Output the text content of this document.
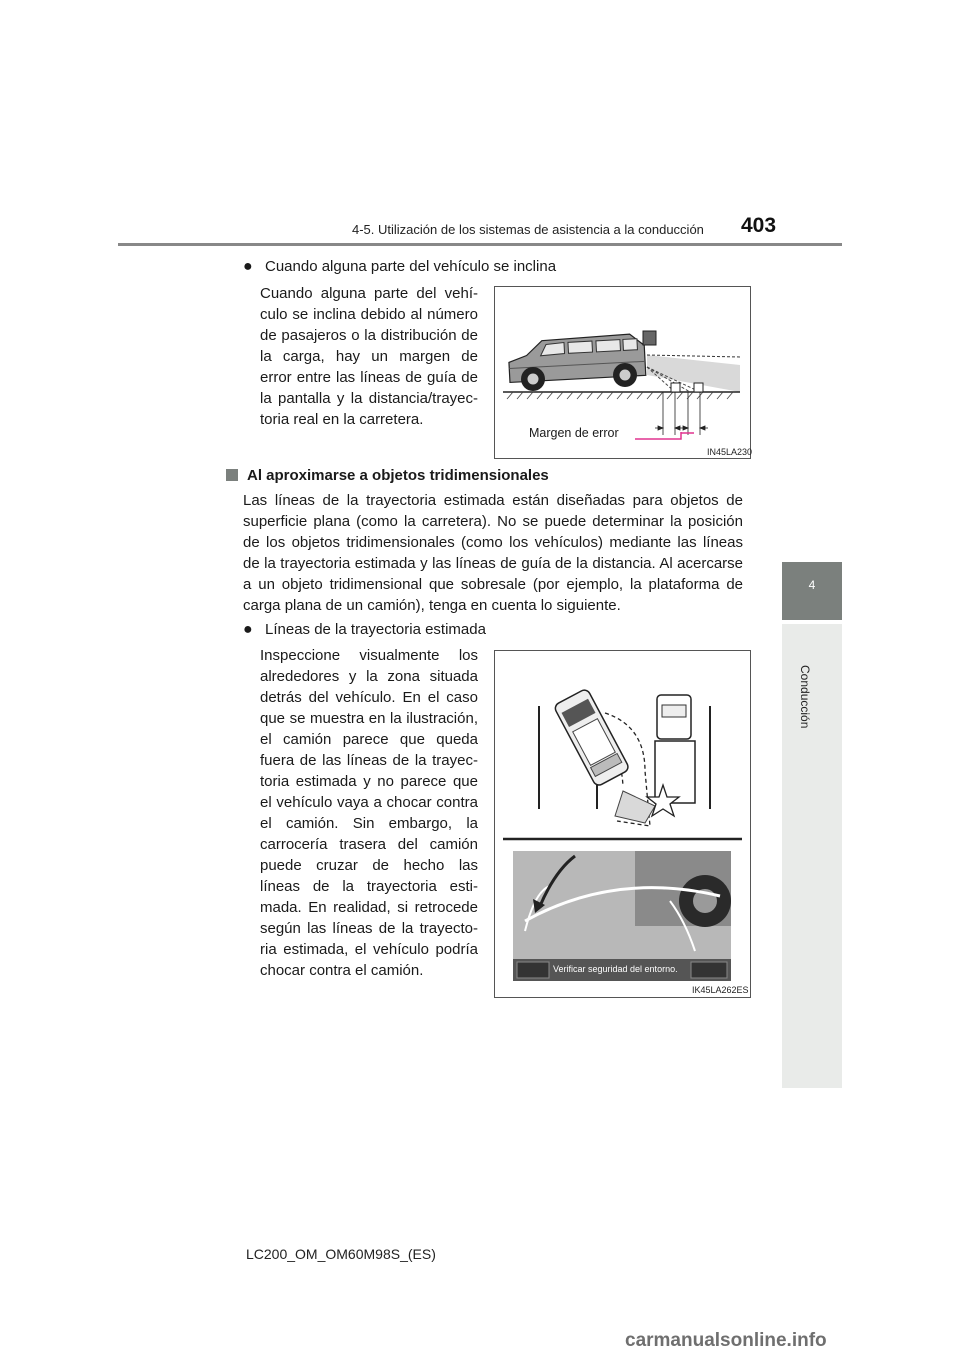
4-5. Utilización de los sistemas de asistencia a la conducción 403
4
Conducción
● Cuando alguna parte del vehículo se inclina
Cuando alguna parte del vehí-culo se inclina debido al número de pasajeros o la distribución de la carga, hay un margen de error entre las líneas de guía de la pantalla y la distancia/trayec-toria real en la carretera.
Margen de error
IN45LA230
Al aproximarse a objetos tridimensionales
Las líneas de la trayectoria estimada están diseñadas para objetos de superficie plana (como la carretera). No se puede determinar la posición de los objetos tridimensionales (como los vehículos) mediante las líneas de la trayectoria estimada y las líneas de guía de la distancia. Al acercarse a un objeto tridimensional que sobresale (por ejemplo, la plataforma de carga plana de un camión), tenga en cuenta lo siguiente.
● Líneas de la trayectoria estimada
Inspeccione visualmente los alrededores y la zona situada detrás del vehículo. En el caso que se muestra en la ilustración, el camión parece que queda fuera de las líneas de la trayec-toria estimada y no parece que el vehículo vaya a chocar contra el camión. Sin embargo, la carrocería trasera del camión puede cruzar de hecho las líneas de la trayectoria esti-mada. En realidad, si retrocede según las líneas de la trayecto-ria estimada, el vehículo podría chocar contra el camión.	Verificar seguridad del entorno.
IK45LA262ES
LC200_OM_OM60M98S_(ES)
carmanualsonline.info
